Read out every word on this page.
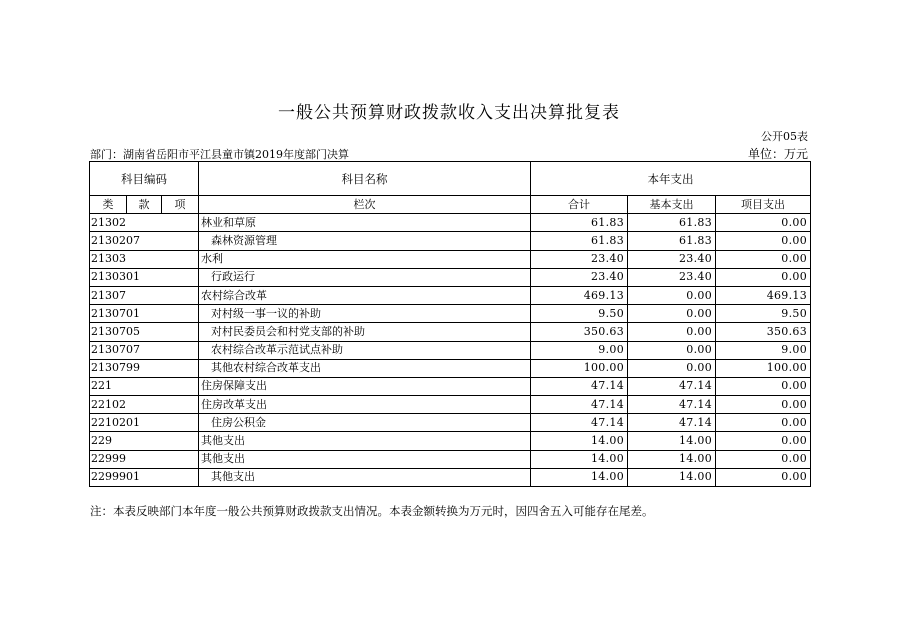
一般公共预算财政拨款收入支出决算批复表
公开05表
部门：湖南省岳阳市平江县童市镇2019年度部门决算	单位：万元
科目编码			科目名称	本年支出		
类	款	项	栏次	合计	基本支出	项目支出
21302			林业和草原	61.83	61.83	0.00
2130207			森林资源管理	61.83	61.83	0.00
21303			水利	23.40	23.40	0.00
2130301			行政运行	23.40	23.40	0.00
21307			农村综合改革	469.13	0.00	469.13
2130701			对村级一事一议的补助	9.50	0.00	9.50
2130705			对村民委员会和村党支部的补助	350.63	0.00	350.63
2130707			农村综合改革示范试点补助	9.00	0.00	9.00
2130799			其他农村综合改革支出	100.00	0.00	100.00
221			住房保障支出	47.14	47.14	0.00
22102			住房改革支出	47.14	47.14	0.00
2210201			住房公积金	47.14	47.14	0.00
229			其他支出	14.00	14.00	0.00
22999			其他支出	14.00	14.00	0.00
2299901			其他支出	14.00	14.00	0.00
注：本表反映部门本年度一般公共预算财政拨款支出情况。本表金额转换为万元时，因四舍五入可能存在尾差。
